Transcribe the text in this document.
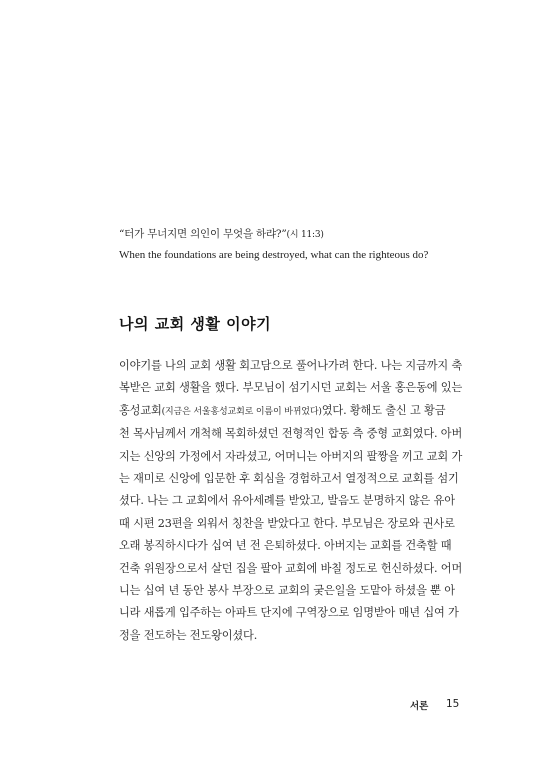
“터가 무너지면 의인이 무엇을 하랴?”(시 11:3)
When the foundations are being destroyed, what can the righteous do?
나의 교회 생활 이야기
이야기를 나의 교회 생활 회고담으로 풀어나가려 한다. 나는 지금까지 축
복받은 교회 생활을 했다. 부모님이 섬기시던 교회는 서울 홍은동에 있는
홍성교회(지금은 서울홍성교회로 이름이 바뀌었다)였다. 황해도 출신 고 황금
천 목사님께서 개척해 목회하셨던 전형적인 합동 측 중형 교회였다. 아버
지는 신앙의 가정에서 자라셨고, 어머니는 아버지의 팔짱을 끼고 교회 가
는 재미로 신앙에 입문한 후 회심을 경험하고서 열정적으로 교회를 섬기
셨다. 나는 그 교회에서 유아세례를 받았고, 발음도 분명하지 않은 유아
때 시편 23편을 외워서 칭찬을 받았다고 한다. 부모님은 장로와 권사로
오래 봉직하시다가 십여 년 전 은퇴하셨다. 아버지는 교회를 건축할 때
건축 위원장으로서 살던 집을 팔아 교회에 바칠 정도로 헌신하셨다. 어머
니는 십여 년 동안 봉사 부장으로 교회의 궂은일을 도맡아 하셨을 뿐 아
니라 새롭게 입주하는 아파트 단지에 구역장으로 임명받아 매년 십여 가
정을 전도하는 전도왕이셨다.
서론 15
